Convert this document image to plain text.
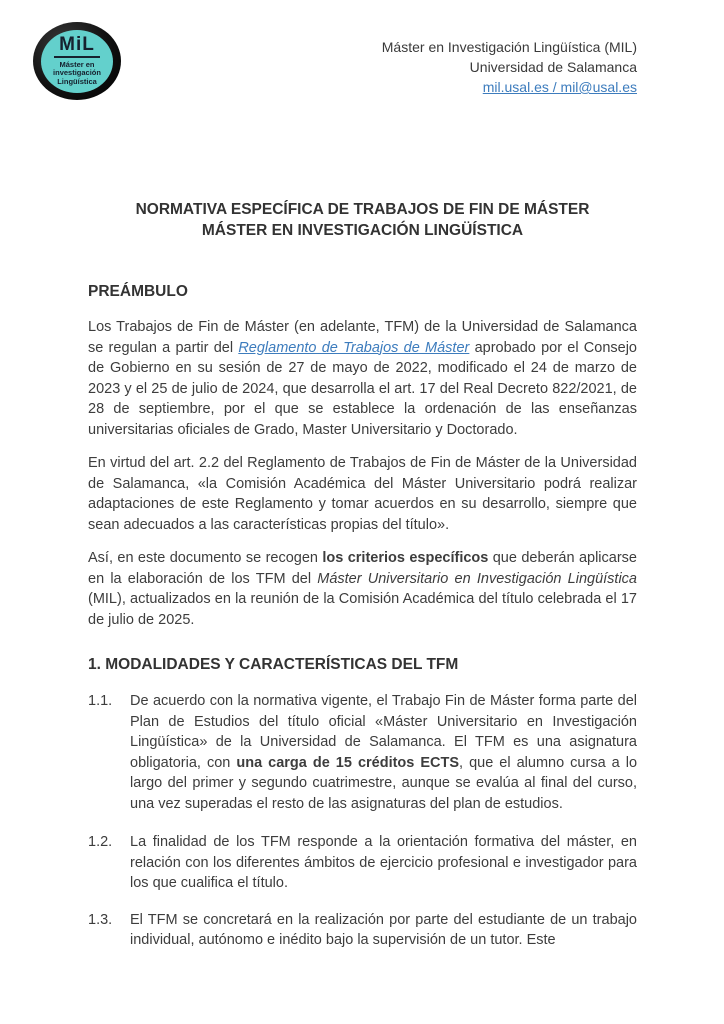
MiL
Máster en
investigación
Lingüística
Máster en Investigación Lingüística (MIL)
Universidad de Salamanca
mil.usal.es / mil@usal.es
NORMATIVA ESPECÍFICA DE TRABAJOS DE FIN DE MÁSTER
MÁSTER EN INVESTIGACIÓN LINGÜÍSTICA
PREÁMBULO

Los Trabajos de Fin de Máster (en adelante, TFM) de la Universidad de Salamanca se regulan a partir del Reglamento de Trabajos de Máster aprobado por el Consejo de Gobierno en su sesión de 27 de mayo de 2022, modificado el 24 de marzo de 2023 y el 25 de julio de 2024, que desarrolla el art. 17 del Real Decreto 822/2021, de 28 de septiembre, por el que se establece la ordenación de las enseñanzas universitarias oficiales de Grado, Master Universitario y Doctorado.

En virtud del art. 2.2 del Reglamento de Trabajos de Fin de Máster de la Universidad de Salamanca, «la Comisión Académica del Máster Universitario podrá realizar adaptaciones de este Reglamento y tomar acuerdos en su desarrollo, siempre que sean adecuados a las características propias del título».

Así, en este documento se recogen los criterios específicos que deberán aplicarse en la elaboración de los TFM del Máster Universitario en Investigación Lingüística (MIL), actualizados en la reunión de la Comisión Académica del título celebrada el 17 de julio de 2025.

1. MODALIDADES Y CARACTERÍSTICAS DEL TFM
1.1.	De acuerdo con la normativa vigente, el Trabajo Fin de Máster forma parte del Plan de Estudios del título oficial «Máster Universitario en Investigación Lingüística» de la Universidad de Salamanca. El TFM es una asignatura obligatoria, con una carga de 15 créditos ECTS, que el alumno cursa a lo largo del primer y segundo cuatrimestre, aunque se evalúa al final del curso, una vez superadas el resto de las asignaturas del plan de estudios.
1.2.	La finalidad de los TFM responde a la orientación formativa del máster, en relación con los diferentes ámbitos de ejercicio profesional e investigador para los que cualifica el título.
1.3.	El TFM se concretará en la realización por parte del estudiante de un trabajo individual, autónomo e inédito bajo la supervisión de un tutor. Este
